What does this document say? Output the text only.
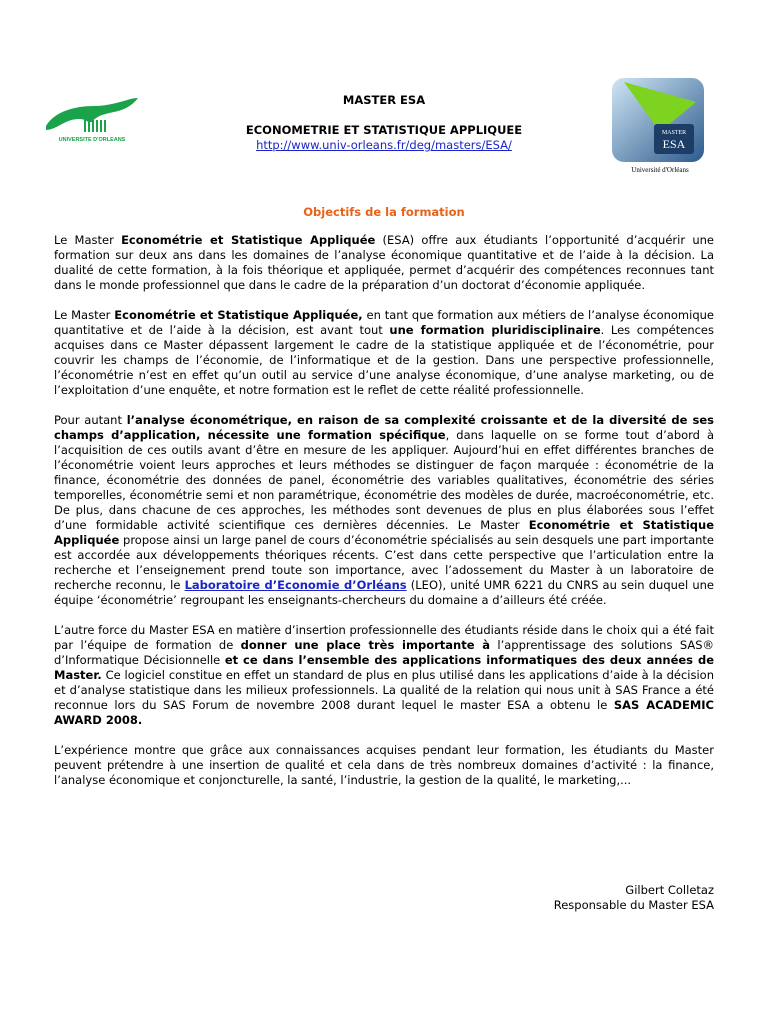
UNIVERSITE D'ORLEANS
MASTER ESA
ECONOMETRIE ET STATISTIQUE APPLIQUEE
http://www.univ-orleans.fr/deg/masters/ESA/
MASTER
ESA
Université d'Orléans
Objectifs de la formation

Le Master Econométrie et Statistique Appliquée (ESA) offre aux étudiants l’opportunité d’acquérir une formation sur deux ans dans les domaines de l’analyse économique quantitative et de l’aide à la décision. La dualité de cette formation, à la fois théorique et appliquée, permet d’acquérir des compétences reconnues tant dans le monde professionnel que dans le cadre de la préparation d’un doctorat d’économie appliquée.

Le Master Econométrie et Statistique Appliquée, en tant que formation aux métiers de l’analyse économique quantitative et de l’aide à la décision, est avant tout une formation pluridisciplinaire. Les compétences acquises dans ce Master dépassent largement le cadre de la statistique appliquée et de l’économétrie, pour couvrir les champs de l’économie, de l’informatique et de la gestion. Dans une perspective professionnelle, l’économétrie n’est en effet qu’un outil au service d’une analyse économique, d’une analyse marketing, ou de l’exploitation d’une enquête, et notre formation est le reflet de cette réalité professionnelle.

Pour autant l’analyse économétrique, en raison de sa complexité croissante et de la diversité de ses champs d’application, nécessite une formation spécifique, dans laquelle on se forme tout d’abord à l’acquisition de ces outils avant d’être en mesure de les appliquer. Aujourd’hui en effet différentes branches de l’économétrie voient leurs approches et leurs méthodes se distinguer de façon marquée : économétrie de la finance, économétrie des données de panel, économétrie des variables qualitatives, économétrie des séries temporelles, économétrie semi et non paramétrique, économétrie des modèles de durée, macroéconométrie, etc. De plus, dans chacune de ces approches, les méthodes sont devenues de plus en plus élaborées sous l’effet d’une formidable activité scientifique ces dernières décennies. Le Master Econométrie et Statistique Appliquée propose ainsi un large panel de cours d’économétrie spécialisés au sein desquels une part importante est accordée aux développements théoriques récents. C’est dans cette perspective que l’articulation entre la recherche et l’enseignement prend toute son importance, avec l’adossement du Master à un laboratoire de recherche reconnu, le Laboratoire d’Economie d’Orléans (LEO), unité UMR 6221 du CNRS au sein duquel une équipe ‘économétrie’ regroupant les enseignants-chercheurs du domaine a d’ailleurs été créée.

L’autre force du Master ESA en matière d’insertion professionnelle des étudiants réside dans le choix qui a été fait par l’équipe de formation de donner une place très importante à l’apprentissage des solutions SAS® d’Informatique Décisionnelle et ce dans l’ensemble des applications informatiques des deux années de Master. Ce logiciel constitue en effet un standard de plus en plus utilisé dans les applications d’aide à la décision et d’analyse statistique dans les milieux professionnels. La qualité de la relation qui nous unit à SAS France a été reconnue lors du SAS Forum de novembre 2008 durant lequel le master ESA a obtenu le SAS ACADEMIC AWARD 2008.

L’expérience montre que grâce aux connaissances acquises pendant leur formation, les étudiants du Master peuvent prétendre à une insertion de qualité et cela dans de très nombreux domaines d’activité : la finance, l’analyse économique et conjoncturelle, la santé, l’industrie, la gestion de la qualité, le marketing,...

Gilbert Colletaz
Responsable du Master ESA
